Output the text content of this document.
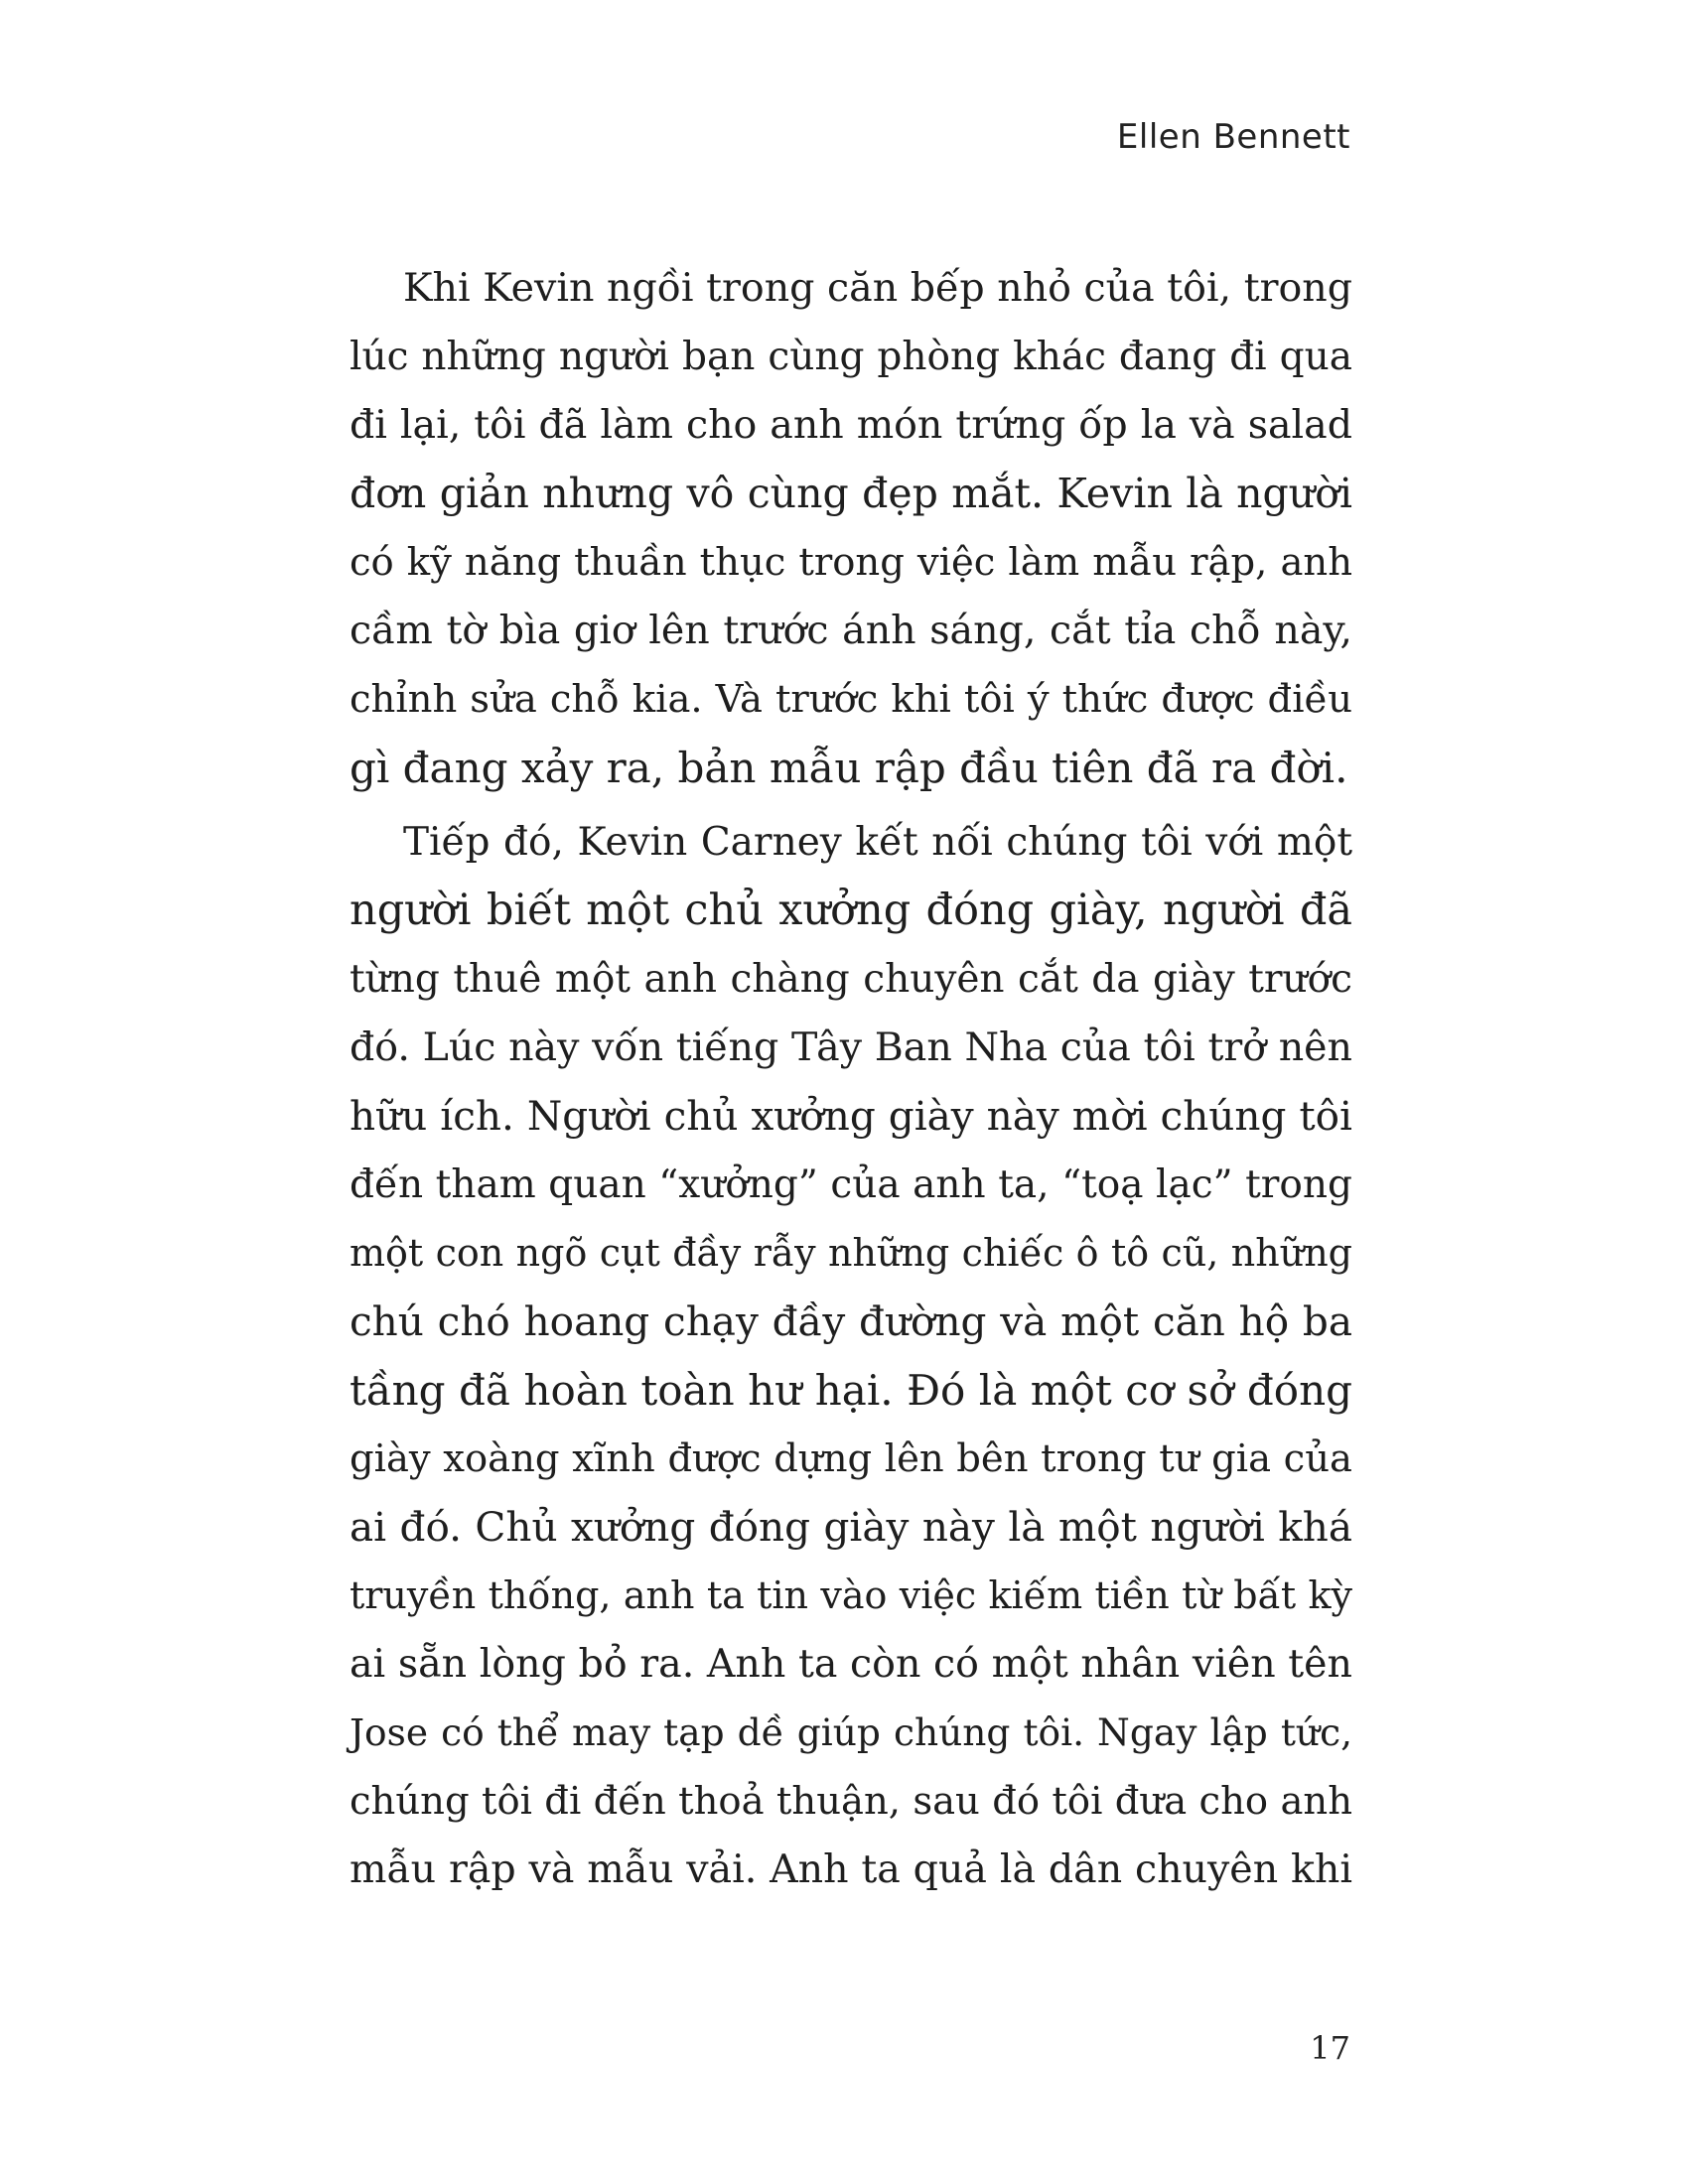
Ellen Bennett
Khi Kevin ngồi trong căn bếp nhỏ của tôi, trong
lúc những người bạn cùng phòng khác đang đi qua
đi lại, tôi đã làm cho anh món trứng ốp la và salad
đơn giản nhưng vô cùng đẹp mắt. Kevin là người
có kỹ năng thuần thục trong việc làm mẫu rập, anh
cầm tờ bìa giơ lên trước ánh sáng, cắt tỉa chỗ này,
chỉnh sửa chỗ kia. Và trước khi tôi ý thức được điều
gì đang xảy ra, bản mẫu rập đầu tiên đã ra đời.
Tiếp đó, Kevin Carney kết nối chúng tôi với một
người biết một chủ xưởng đóng giày, người đã
từng thuê một anh chàng chuyên cắt da giày trước
đó. Lúc này vốn tiếng Tây Ban Nha của tôi trở nên
hữu ích. Người chủ xưởng giày này mời chúng tôi
đến tham quan “xưởng” của anh ta, “toạ lạc” trong
một con ngõ cụt đầy rẫy những chiếc ô tô cũ, những
chú chó hoang chạy đầy đường và một căn hộ ba
tầng đã hoàn toàn hư hại. Đó là một cơ sở đóng
giày xoàng xĩnh được dựng lên bên trong tư gia của
ai đó. Chủ xưởng đóng giày này là một người khá
truyền thống, anh ta tin vào việc kiếm tiền từ bất kỳ
ai sẵn lòng bỏ ra. Anh ta còn có một nhân viên tên
Jose có thể may tạp dề giúp chúng tôi. Ngay lập tức,
chúng tôi đi đến thoả thuận, sau đó tôi đưa cho anh
mẫu rập và mẫu vải. Anh ta quả là dân chuyên khi
17
